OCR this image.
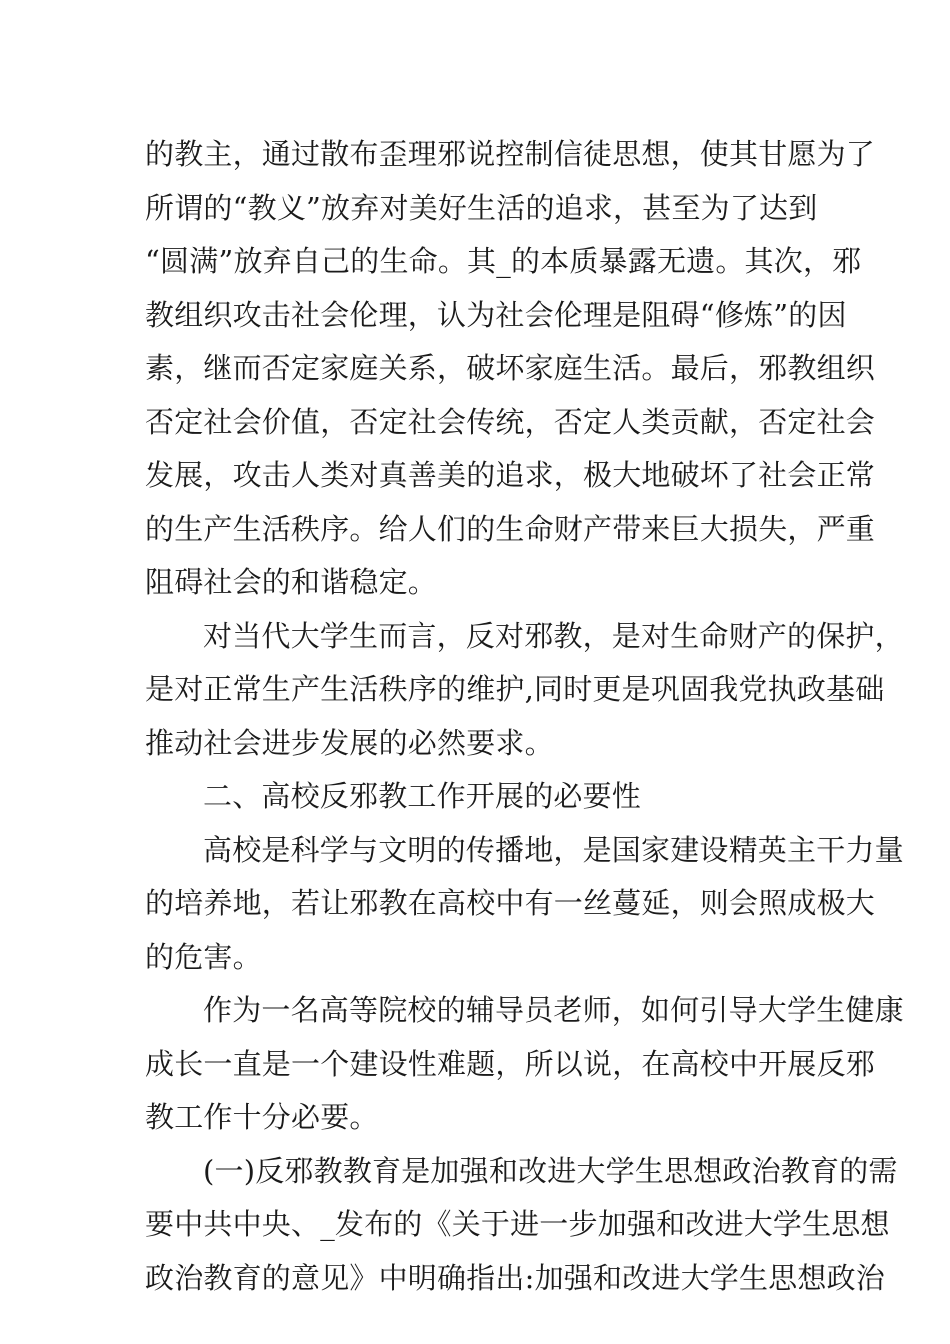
的教主，通过散布歪理邪说控制信徒思想，使其甘愿为了
所谓的“教义”放弃对美好生活的追求，甚至为了达到
“圆满”放弃自己的生命。其_的本质暴露无遗。其次，邪
教组织攻击社会伦理，认为社会伦理是阻碍“修炼”的因
素，继而否定家庭关系，破坏家庭生活。最后，邪教组织
否定社会价值，否定社会传统，否定人类贡献，否定社会
发展，攻击人类对真善美的追求，极大地破坏了社会正常
的生产生活秩序。给人们的生命财产带来巨大损失，严重
阻碍社会的和谐稳定。
对当代大学生而言，反对邪教，是对生命财产的保护，
是对正常生产生活秩序的维护,同时更是巩固我党执政基础
推动社会进步发展的必然要求。
二、高校反邪教工作开展的必要性
高校是科学与文明的传播地，是国家建设精英主干力量
的培养地，若让邪教在高校中有一丝蔓延，则会照成极大
的危害。
作为一名高等院校的辅导员老师，如何引导大学生健康
成长一直是一个建设性难题，所以说，在高校中开展反邪
教工作十分必要。
(一)反邪教教育是加强和改进大学生思想政治教育的需
要中共中央、_发布的《关于进一步加强和改进大学生思想
政治教育的意见》中明确指出:加强和改进大学生思想政治
